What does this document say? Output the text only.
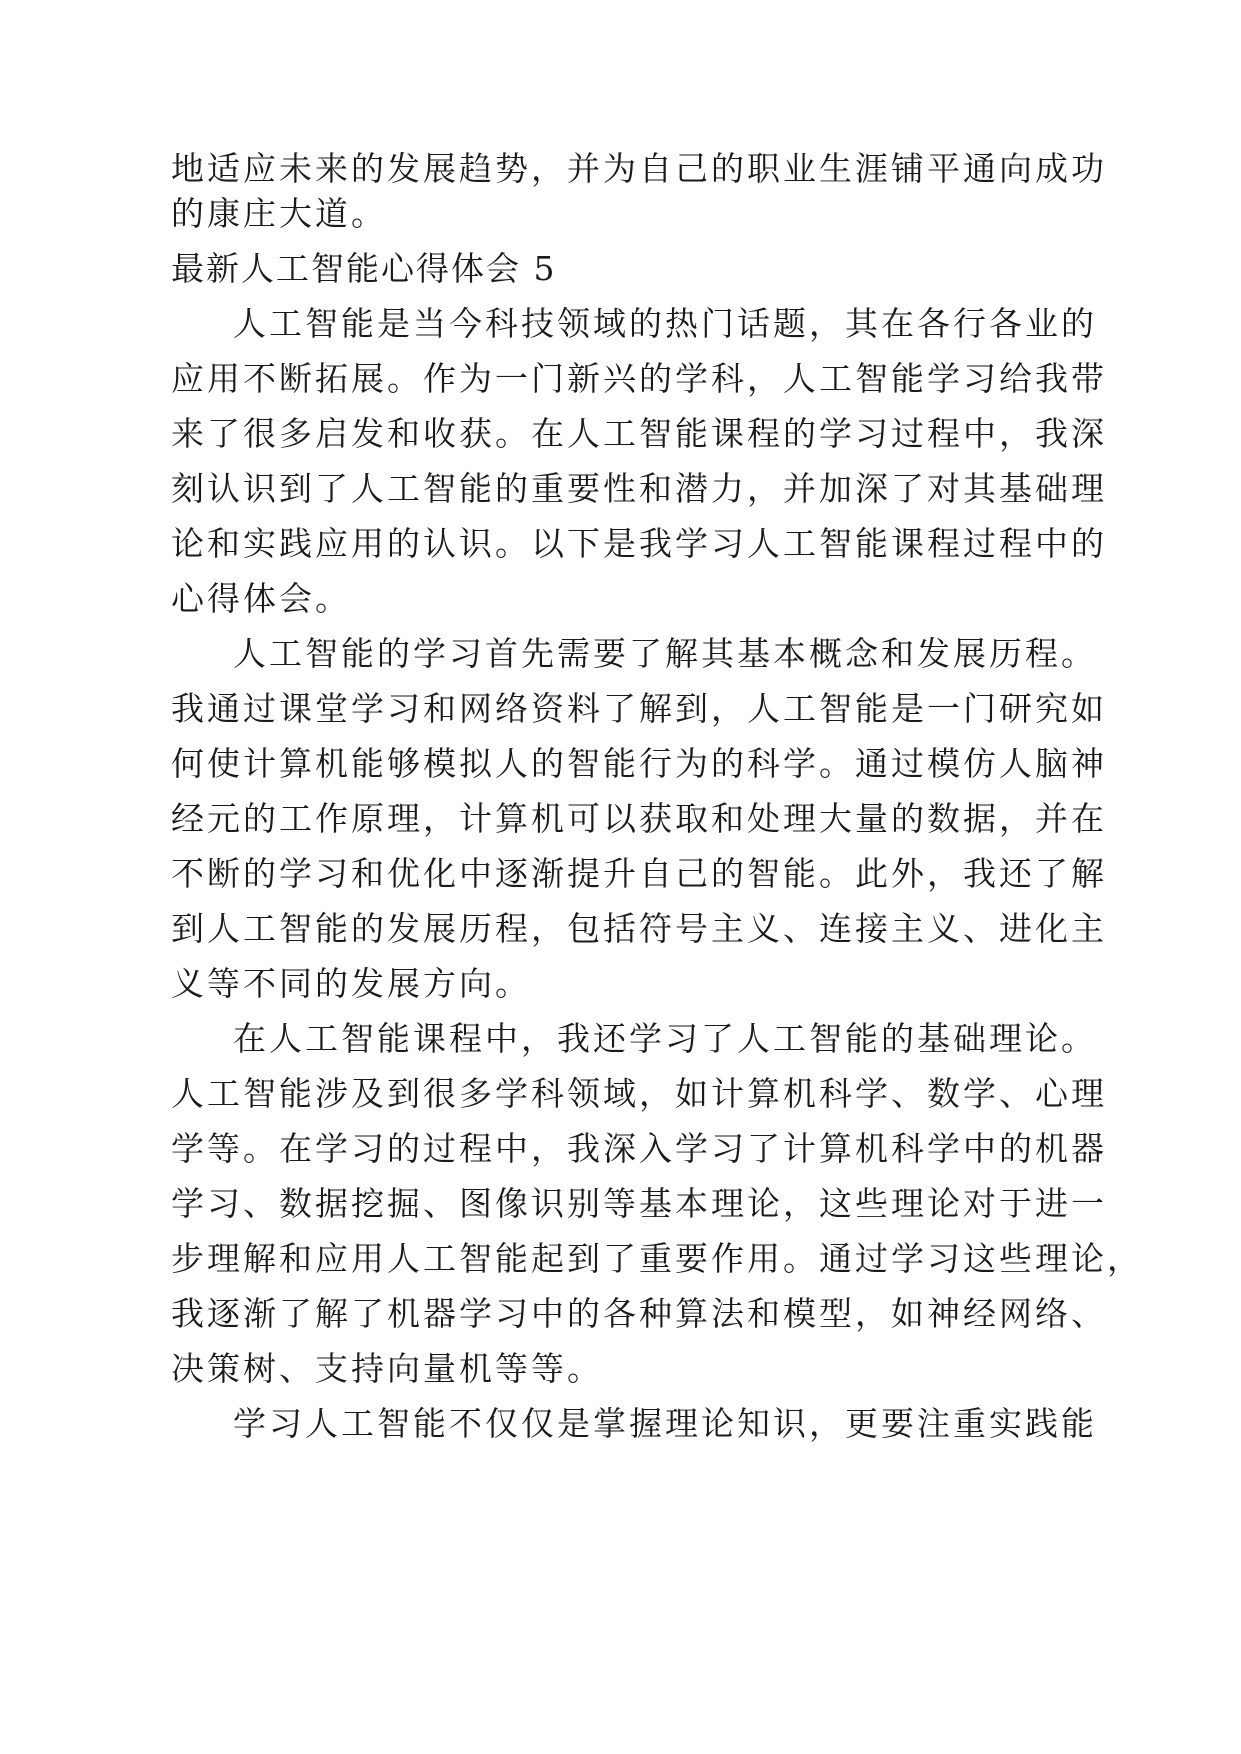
地适应未来的发展趋势，并为自己的职业生涯铺平通向成功
的康庄大道。
最新人工智能心得体会 5
人工智能是当今科技领域的热门话题，其在各行各业的
应用不断拓展。作为一门新兴的学科，人工智能学习给我带
来了很多启发和收获。在人工智能课程的学习过程中，我深
刻认识到了人工智能的重要性和潜力，并加深了对其基础理
论和实践应用的认识。以下是我学习人工智能课程过程中的
心得体会。
人工智能的学习首先需要了解其基本概念和发展历程。
我通过课堂学习和网络资料了解到，人工智能是一门研究如
何使计算机能够模拟人的智能行为的科学。通过模仿人脑神
经元的工作原理，计算机可以获取和处理大量的数据，并在
不断的学习和优化中逐渐提升自己的智能。此外，我还了解
到人工智能的发展历程，包括符号主义、连接主义、进化主
义等不同的发展方向。
在人工智能课程中，我还学习了人工智能的基础理论。
人工智能涉及到很多学科领域，如计算机科学、数学、心理
学等。在学习的过程中，我深入学习了计算机科学中的机器
学习、数据挖掘、图像识别等基本理论，这些理论对于进一
步理解和应用人工智能起到了重要作用。通过学习这些理论，
我逐渐了解了机器学习中的各种算法和模型，如神经网络、
决策树、支持向量机等等。
学习人工智能不仅仅是掌握理论知识，更要注重实践能
